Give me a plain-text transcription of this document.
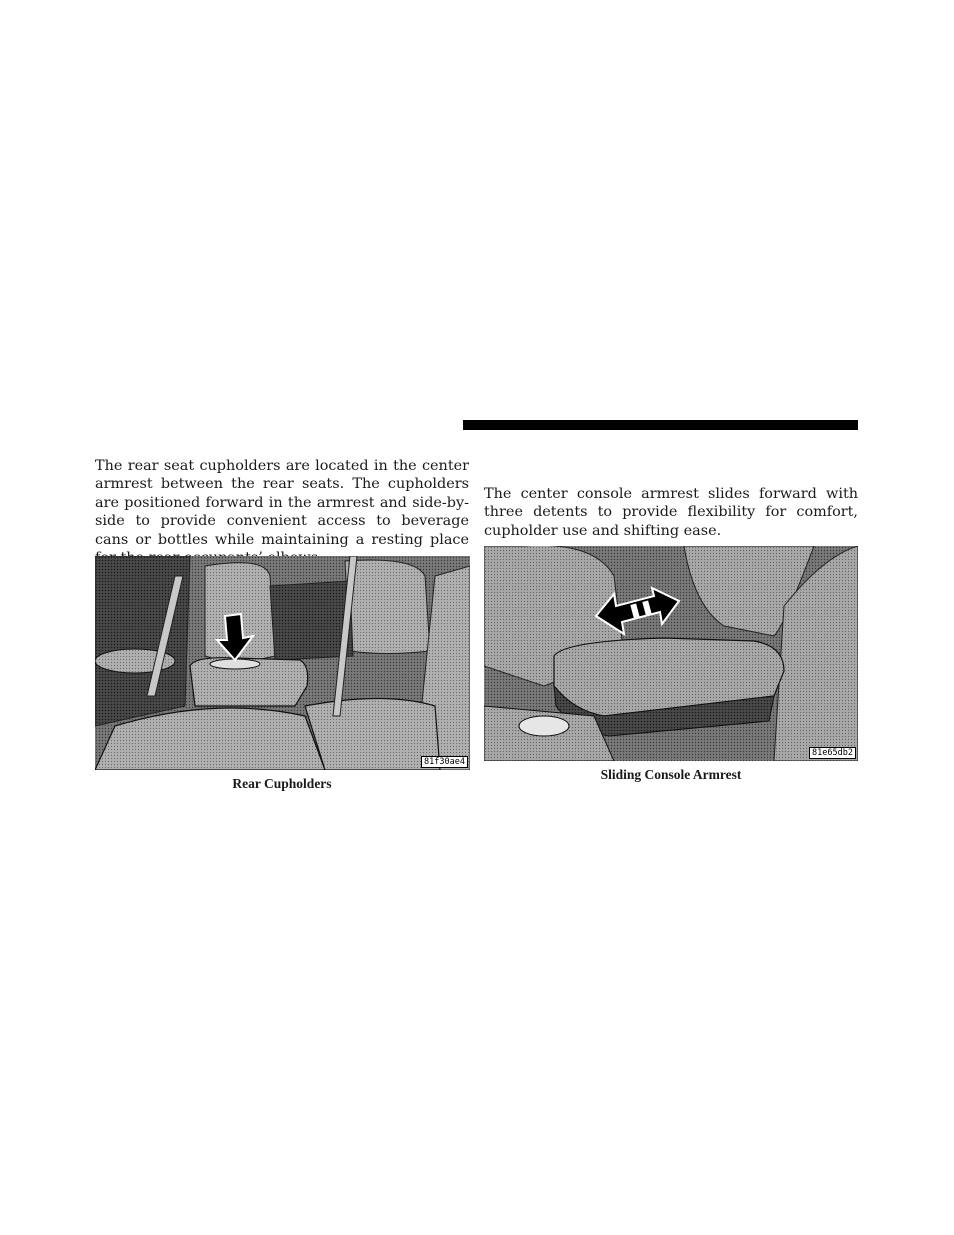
The rear seat cupholders are located in the center armrest between the rear seats. The cupholders are positioned forward in the armrest and side-by-side to provide convenient access to beverage cans or bottles while maintaining a resting place
The center console armrest slides forward with three detents to provide flexibility for comfort, cupholder use and shifting ease.
81f30ae4
Rear Cupholders
81e65db2
Sliding Console Armrest
